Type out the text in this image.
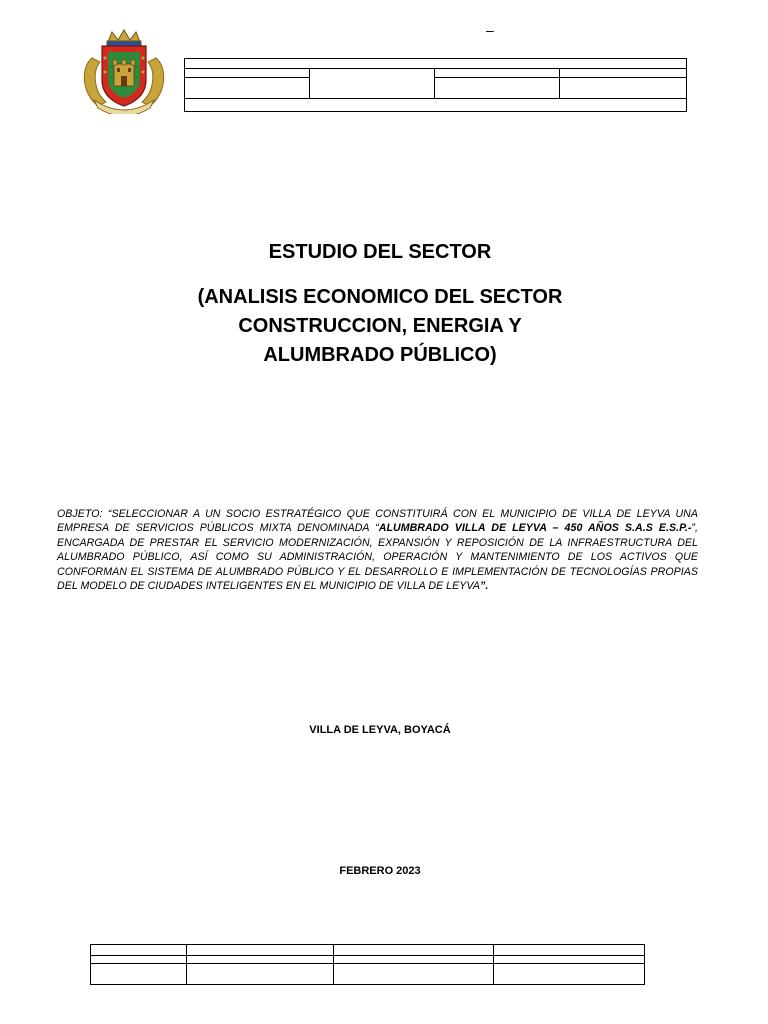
–

ESTUDIO DEL SECTOR
(ANALISIS ECONOMICO DEL SECTOR
CONSTRUCCION, ENERGIA Y
ALUMBRADO PÚBLICO)
OBJETO: “SELECCIONAR A UN SOCIO ESTRATÉGICO QUE CONSTITUIRÁ CON EL MUNICIPIO DE VILLA DE LEYVA UNA EMPRESA DE SERVICIOS PÚBLICOS MIXTA DENOMINADA “ALUMBRADO VILLA DE LEYVA – 450 AÑOS S.A.S E.S.P.-”, ENCARGADA DE PRESTAR EL SERVICIO MODERNIZACIÓN, EXPANSIÓN Y REPOSICIÓN DE LA INFRAESTRUCTURA DEL ALUMBRADO PÚBLICO, ASÍ COMO SU ADMINISTRACIÓN, OPERACIÓN Y MANTENIMIENTO DE LOS ACTIVOS QUE CONFORMAN EL SISTEMA DE ALUMBRADO PÚBLICO Y EL DESARROLLO E IMPLEMENTACIÓN DE TECNOLOGÍAS PROPIAS DEL MODELO DE CIUDADES INTELIGENTES EN EL MUNICIPIO DE VILLA DE LEYVA”.
VILLA DE LEYVA, BOYACÁ
FEBRERO 2023
